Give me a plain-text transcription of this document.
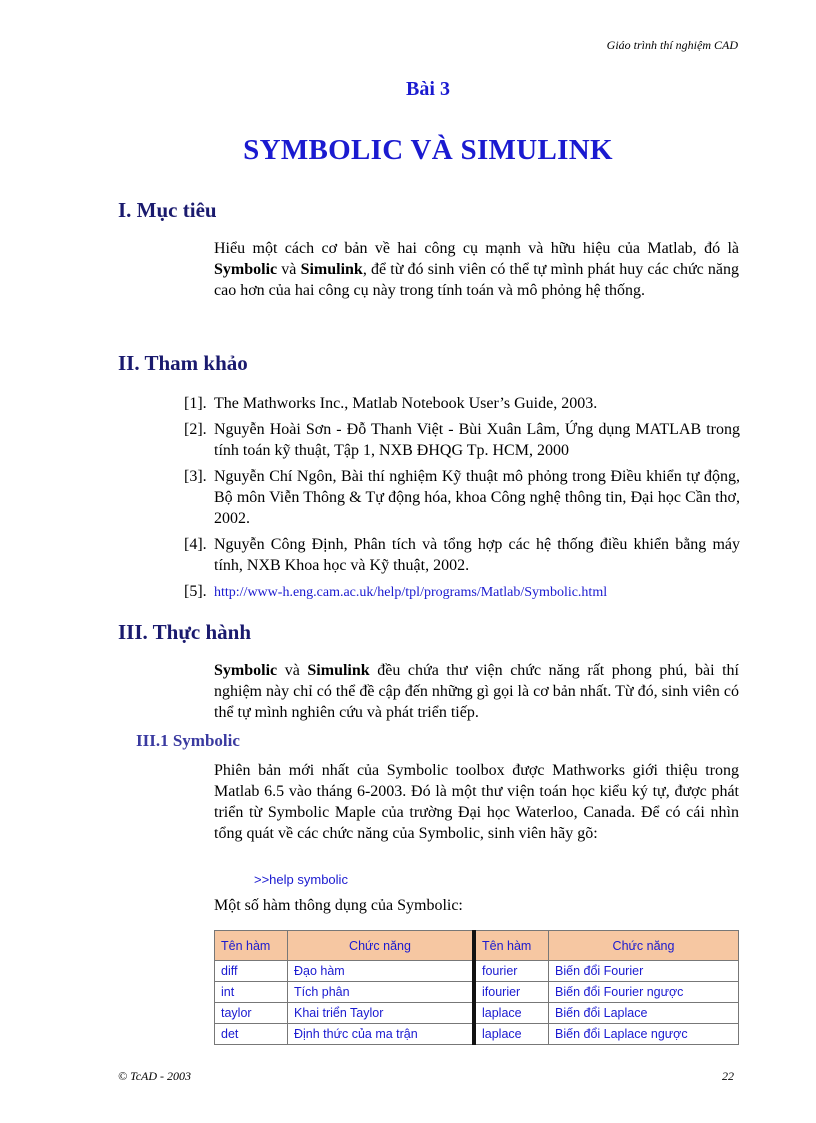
Giáo trình thí nghiệm CAD
Bài 3
SYMBOLIC VÀ SIMULINK
I. Mục tiêu
Hiểu một cách cơ bản về hai công cụ mạnh và hữu hiệu của Matlab, đó là Symbolic và Simulink, để từ đó sinh viên có thể tự mình phát huy các chức năng cao hơn của hai công cụ này trong tính toán và mô phỏng hệ thống.
II. Tham khảo
[1]. The Mathworks Inc., Matlab Notebook User’s Guide, 2003.
[2]. Nguyễn Hoài Sơn - Đỗ Thanh Việt - Bùi Xuân Lâm, Ứng dụng MATLAB trong tính toán kỹ thuật, Tập 1, NXB ĐHQG Tp. HCM, 2000
[3]. Nguyễn Chí Ngôn, Bài thí nghiệm Kỹ thuật mô phỏng trong Điều khiển tự động, Bộ môn Viễn Thông & Tự động hóa, khoa Công nghệ thông tin, Đại học Cần thơ, 2002.
[4]. Nguyễn Công Định, Phân tích và tổng hợp các hệ thống điều khiển bằng máy tính, NXB Khoa học và Kỹ thuật, 2002.
[5]. http://www-h.eng.cam.ac.uk/help/tpl/programs/Matlab/Symbolic.html
III. Thực hành
Symbolic và Simulink đều chứa thư viện chức năng rất phong phú, bài thí nghiệm này chỉ có thể đề cập đến những gì gọi là cơ bản nhất. Từ đó, sinh viên có thể tự mình nghiên cứu và phát triển tiếp.
III.1 Symbolic
Phiên bản mới nhất của Symbolic toolbox được Mathworks giới thiệu trong Matlab 6.5 vào tháng 6-2003. Đó là một thư viện toán học kiểu ký tự, được phát triển từ Symbolic Maple của trường Đại học Waterloo, Canada. Để có cái nhìn tổng quát về các chức năng của Symbolic, sinh viên hãy gõ:
>>help symbolic
Một số hàm thông dụng của Symbolic:
Tên hàm	Chức năng	Tên hàm	Chức năng
diff	Đạo hàm	fourier	Biến đổi Fourier
int	Tích phân	ifourier	Biến đổi Fourier ngược
taylor	Khai triển Taylor	laplace	Biến đổi Laplace
det	Định thức của ma trận	laplace	Biến đổi Laplace ngược
© TcAD - 2003	22
